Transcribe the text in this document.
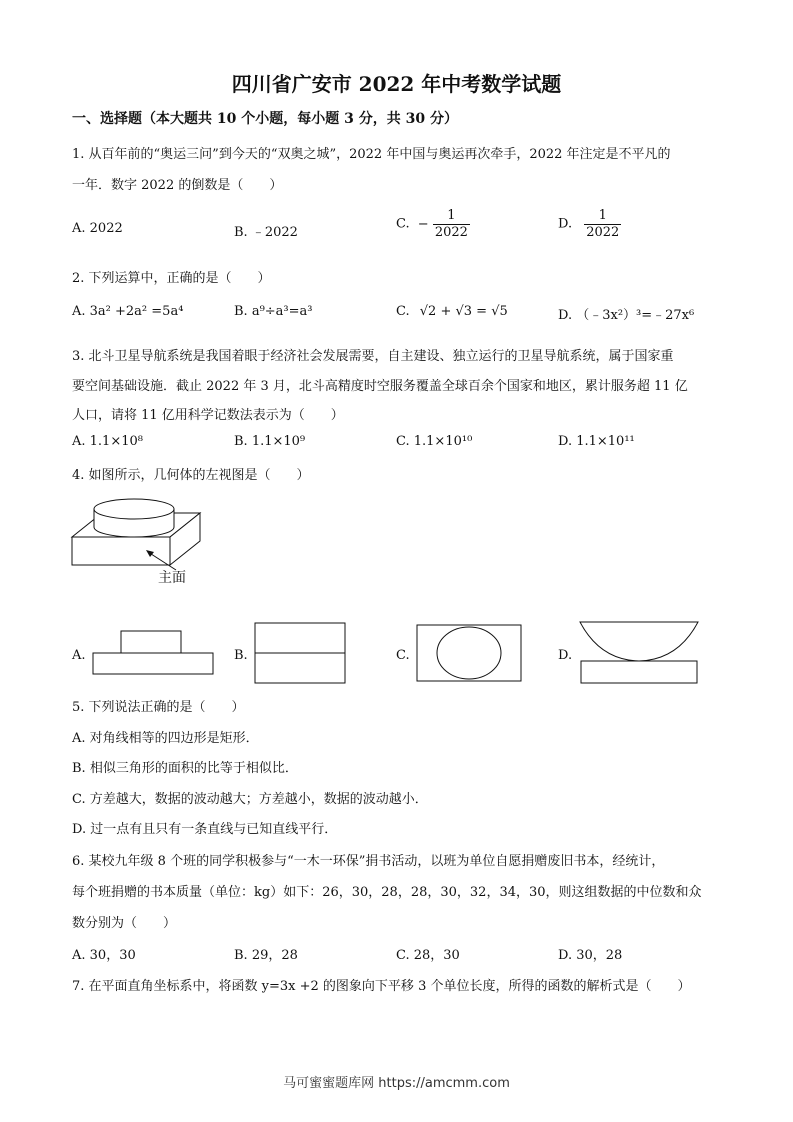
四川省广安市 2022 年中考数学试题
一、选择题（本大题共 10 个小题，每小题 3 分，共 30 分）
1. 从百年前的“奥运三问”到今天的“双奥之城”，2022 年中国与奥运再次牵手，2022 年注定是不平凡的
一年．数字 2022 的倒数是（　　）
A. 2022	B. ﹣2022
C. − $\frac{1}{2022}$	D. $\frac{1}{2022}$
2. 下列运算中，正确的是（　　）
A. 3a² +2a² =5a⁴	B. a⁹÷a³=a³	C. √2 + √3 = √5	D. （﹣3x²）³=﹣27x⁶
3. 北斗卫星导航系统是我国着眼于经济社会发展需要，自主建设、独立运行的卫星导航系统，属于国家重
要空间基础设施．截止 2022 年 3 月，北斗高精度时空服务覆盖全球百余个国家和地区，累计服务超 11 亿
人口，请将 11 亿用科学记数法表示为（　　）
A. 1.1×10⁸	B. 1.1×10⁹	C. 1.1×10¹⁰	D. 1.1×10¹¹
4. 如图所示，几何体的左视图是（　　）
主面
A.	B.	C.	D.
5. 下列说法正确的是（　　）
A. 对角线相等的四边形是矩形．
B. 相似三角形的面积的比等于相似比．
C. 方差越大，数据的波动越大；方差越小，数据的波动越小．
D. 过一点有且只有一条直线与已知直线平行．
6. 某校九年级 8 个班的同学积极参与“一木一环保”捐书活动，以班为单位自愿捐赠废旧书本，经统计，
每个班捐赠的书本质量（单位：kg）如下：26，30，28，28，30，32，34，30，则这组数据的中位数和众
数分别为（　　）
A. 30，30	B. 29，28	C. 28，30	D. 30，28
7. 在平面直角坐标系中，将函数 y=3x +2 的图象向下平移 3 个单位长度，所得的函数的解析式是（　　）
马可蜜蜜题库网 https://amcmm.com
